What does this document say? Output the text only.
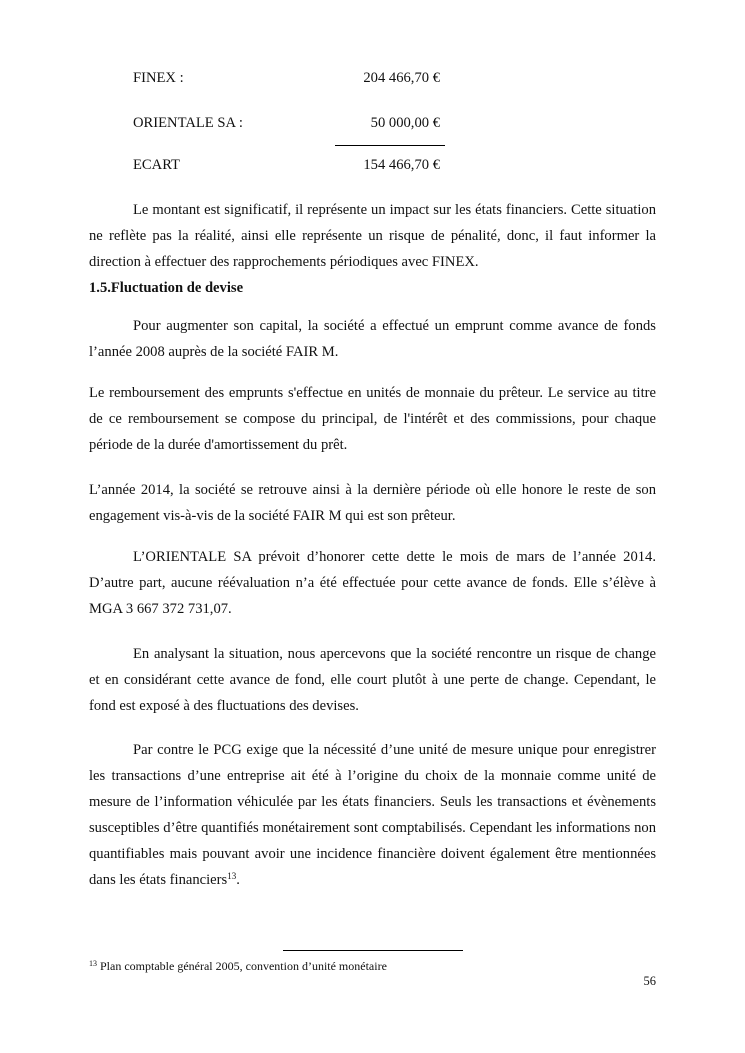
FINEX :	204 466,70 €
ORIENTALE SA :	50 000,00 €
ECART	154 466,70 €

Le montant est significatif, il représente un impact sur les états financiers. Cette situation ne reflète pas la réalité, ainsi elle représente un risque de pénalité, donc, il faut informer la direction à effectuer des rapprochements périodiques avec FINEX.

1.5.Fluctuation de devise

Pour augmenter son capital, la société a effectué un emprunt comme avance de fonds l’année 2008 auprès de la société FAIR M.

Le remboursement des emprunts s'effectue en unités de monnaie du prêteur. Le service au titre de ce remboursement se compose du principal, de l'intérêt et des commissions, pour chaque période de la durée d'amortissement du prêt.

L’année 2014, la société se retrouve ainsi à la dernière période où elle honore le reste de son engagement vis-à-vis de la société FAIR M qui est son prêteur.

L’ORIENTALE SA prévoit d’honorer cette dette le mois de mars de l’année 2014. D’autre part, aucune réévaluation n’a été effectuée pour cette avance de fonds. Elle s’élève à MGA 3 667 372 731,07.

En analysant la situation, nous apercevons que la société rencontre un risque de change et en considérant cette avance de fond, elle court plutôt à une perte de change. Cependant, le fond est exposé à des fluctuations des devises.

Par contre le PCG exige que la nécessité d’une unité de mesure unique pour enregistrer les transactions d’une entreprise ait été à l’origine du choix de la monnaie comme unité de mesure de l’information véhiculée par les états financiers. Seuls les transactions et évènements susceptibles d’être quantifiés monétairement sont comptabilisés. Cependant les informations non quantifiables mais pouvant avoir une incidence financière doivent également être mentionnées dans les états financiers$^{13}$.

$^{13}$ Plan comptable général 2005, convention d’unité monétaire
56
